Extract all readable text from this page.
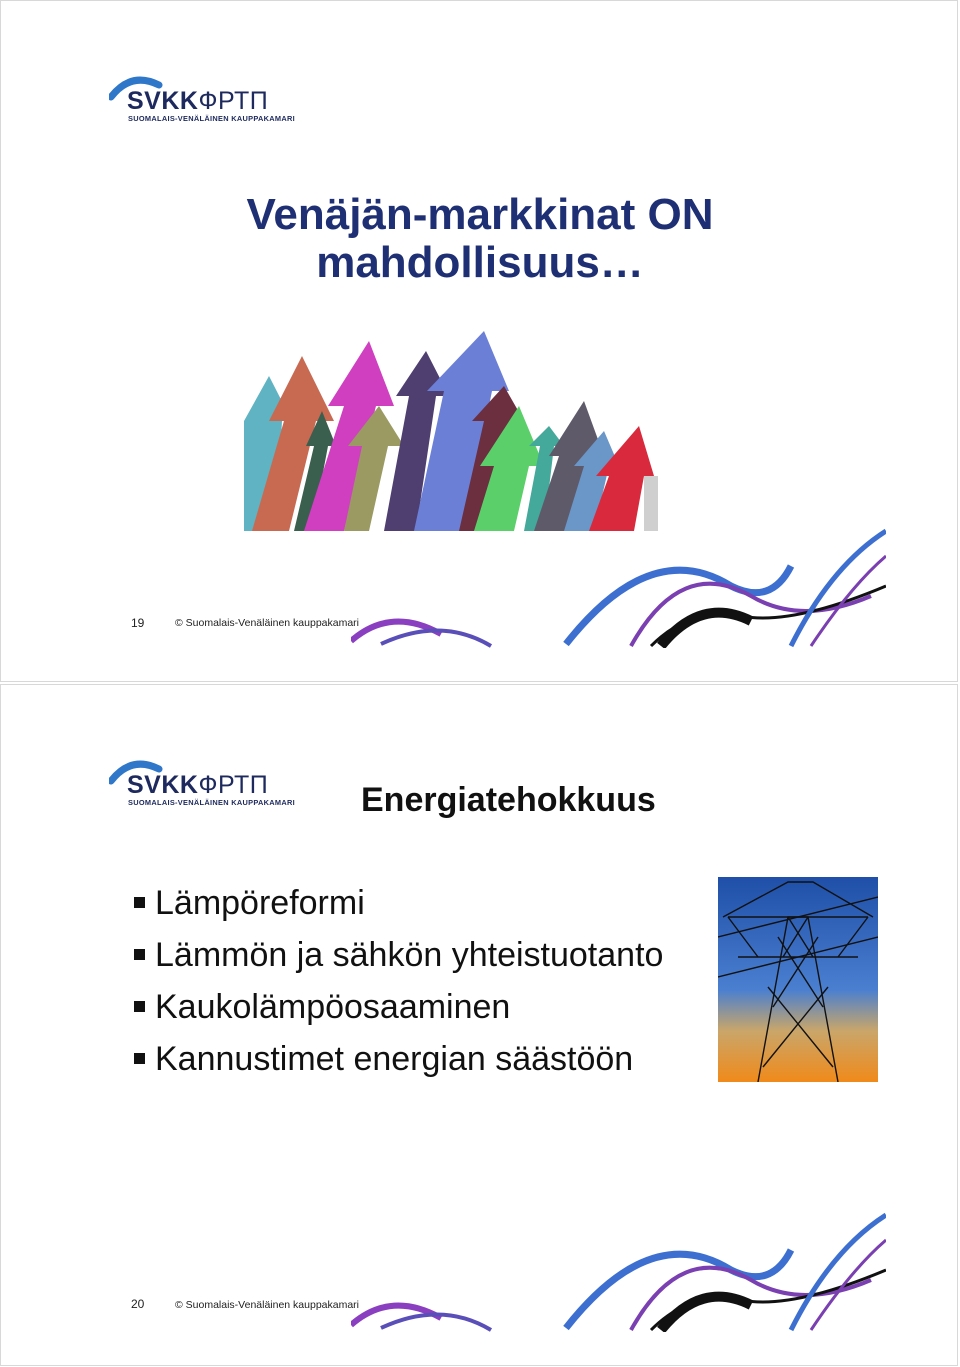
SVKKФРТП
SUOMALAIS-VENÄLÄINEN KAUPPAKAMARI
Venäjän-markkinat ON
mahdollisuus…
19	© Suomalais-Venäläinen kauppakamari
SVKKФРТП
SUOMALAIS-VENÄLÄINEN KAUPPAKAMARI Energiatehokkuus
Lämpöreformi
Lämmön ja sähkön yhteistuotanto
Kaukolämpöosaaminen
Kannustimet energian säästöön
20	© Suomalais-Venäläinen kauppakamari
